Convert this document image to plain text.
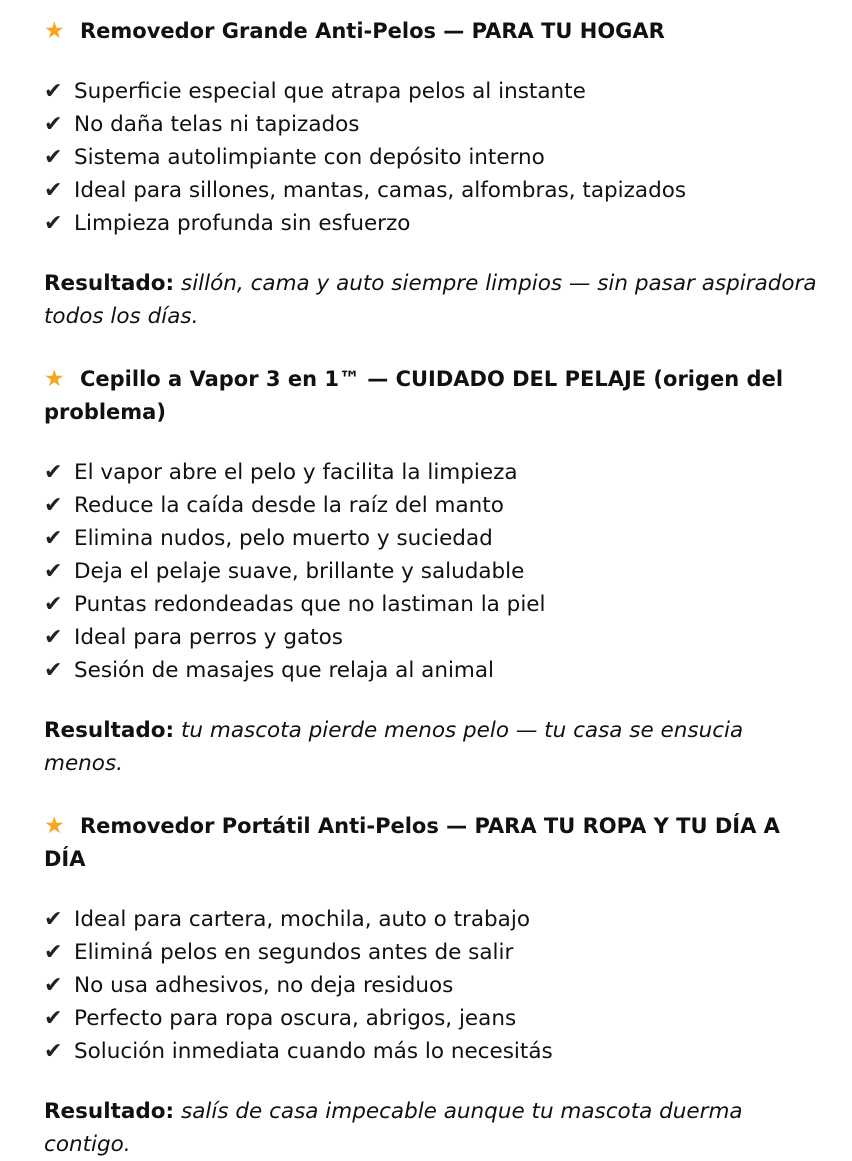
★ Removedor Grande Anti-Pelos — PARA TU HOGAR
✔ Superficie especial que atrapa pelos al instante
✔ No daña telas ni tapizados
✔ Sistema autolimpiante con depósito interno
✔ Ideal para sillones, mantas, camas, alfombras, tapizados
✔ Limpieza profunda sin esfuerzo

Resultado: sillón, cama y auto siempre limpios — sin pasar aspiradora todos los días.

★ Cepillo a Vapor 3 en 1™ — CUIDADO DEL PELAJE (origen del problema)
✔ El vapor abre el pelo y facilita la limpieza
✔ Reduce la caída desde la raíz del manto
✔ Elimina nudos, pelo muerto y suciedad
✔ Deja el pelaje suave, brillante y saludable
✔ Puntas redondeadas que no lastiman la piel
✔ Ideal para perros y gatos
✔ Sesión de masajes que relaja al animal

Resultado: tu mascota pierde menos pelo — tu casa se ensucia menos.

★ Removedor Portátil Anti-Pelos — PARA TU ROPA Y TU DÍA A DÍA
✔ Ideal para cartera, mochila, auto o trabajo
✔ Eliminá pelos en segundos antes de salir
✔ No usa adhesivos, no deja residuos
✔ Perfecto para ropa oscura, abrigos, jeans
✔ Solución inmediata cuando más lo necesitás

Resultado: salís de casa impecable aunque tu mascota duerma contigo.
